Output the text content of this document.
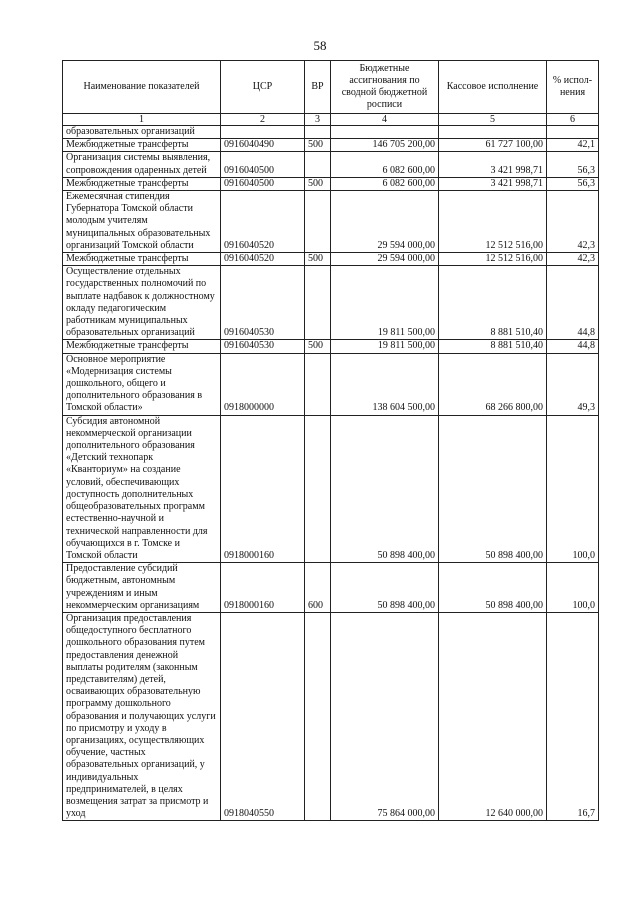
58
Наименование показателей	ЦСР	ВР	Бюджетные ассигнования по сводной бюджетной росписи	Кассовое исполнение	% испол-нения
1	2	3	4	5	6
образовательных организаций					
Межбюджетные трансферты	0916040490	500	146 705 200,00	61 727 100,00	42,1
Организация системы выявления, сопровождения одаренных детей	0916040500		6 082 600,00	3 421 998,71	56,3
Межбюджетные трансферты	0916040500	500	6 082 600,00	3 421 998,71	56,3
Ежемесячная стипендия Губернатора Томской области молодым учителям муниципальных образовательных организаций Томской области	0916040520		29 594 000,00	12 512 516,00	42,3
Межбюджетные трансферты	0916040520	500	29 594 000,00	12 512 516,00	42,3
Осуществление отдельных государственных полномочий по выплате надбавок к должностному окладу педагогическим работникам муниципальных образовательных организаций	0916040530		19 811 500,00	8 881 510,40	44,8
Межбюджетные трансферты	0916040530	500	19 811 500,00	8 881 510,40	44,8
Основное мероприятие «Модернизация системы дошкольного, общего и дополнительного образования в Томской области»	0918000000		138 604 500,00	68 266 800,00	49,3
Субсидия автономной некоммерческой организации дополнительного образования «Детский технопарк «Кванториум» на создание условий, обеспечивающих доступность дополнительных общеобразовательных программ естественно-научной и технической направленности для обучающихся в г. Томске и Томской области	0918000160		50 898 400,00	50 898 400,00	100,0
Предоставление субсидий бюджетным, автономным учреждениям и иным некоммерческим организациям	0918000160	600	50 898 400,00	50 898 400,00	100,0
Организация предоставления общедоступного бесплатного дошкольного образования путем предоставления денежной выплаты родителям (законным представителям) детей, осваивающих образовательную программу дошкольного образования и получающих услуги по присмотру и уходу в организациях, осуществляющих обучение, частных образовательных организаций, у индивидуальных предпринимателей, в целях возмещения затрат за присмотр и уход	0918040550		75 864 000,00	12 640 000,00	16,7
